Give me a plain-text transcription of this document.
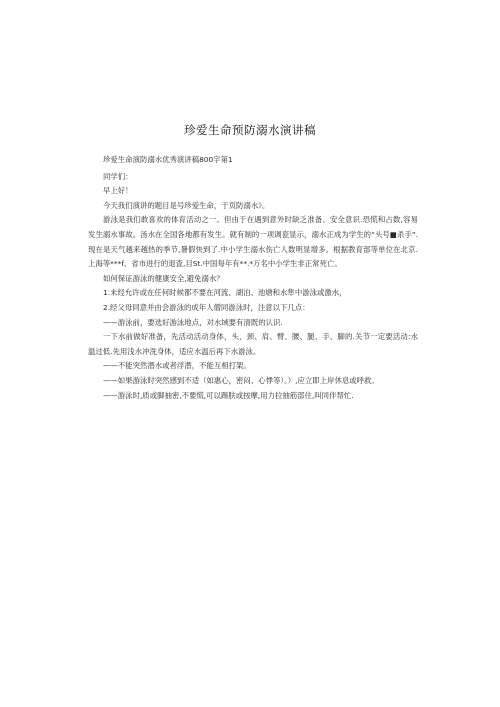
珍爱生命预防溺水演讲稿

珍爱生命演防溺水优秀演讲稿800字第1

同学们：

早上好！

今天我们演讲的题目是号珍爱生命，于页防溺水》。

游泳是我们敢喜欢的体育活动之一。但由于在遇到意外时缺乏准备、安全意识.恐慌和占数,容易发生溺水事故。汤水在全国各地都有发生。就有制的一项调瓷显示，溺水正成为学生的“头号■杀手”.现在是天气越来越热的季节,暑假快到了.中小学生溺水伤亡人数明显增多。根据教育部等单位在北京.上海等***f、省市进行的退査,目St.中国每年有**.*万名中小学生非正常死亡。

如何保证游泳的健康安全,避免溺水？

1.未经允许或在任何时候都不要在河流、湖泊、池塘和水隼中游泳或激水，

2.经父母同意并由会游泳的成年人僧同游泳时，注意以下几点：

——游泳前，要选好游泳地点，对水域要有清既的认识.

一下水前做好准备，先活动活动身体，头、颈、肩、臂、腰、腿、手、脚的.关节一定要活动:水温过低.先用浅水冲洗身体，适应水温后再下水游泳。

——不能突然潜水或者浮潜，不能互相打架。

——如果游泳时突然感到不适（如惠心，密闷、心悸等）。）,应立即上岸休息或呼救。

——游泳时,质或脚抽密,不要慌,可以踢肤或按摩,用力拉抽筋部住,叫同伴帮忙.
